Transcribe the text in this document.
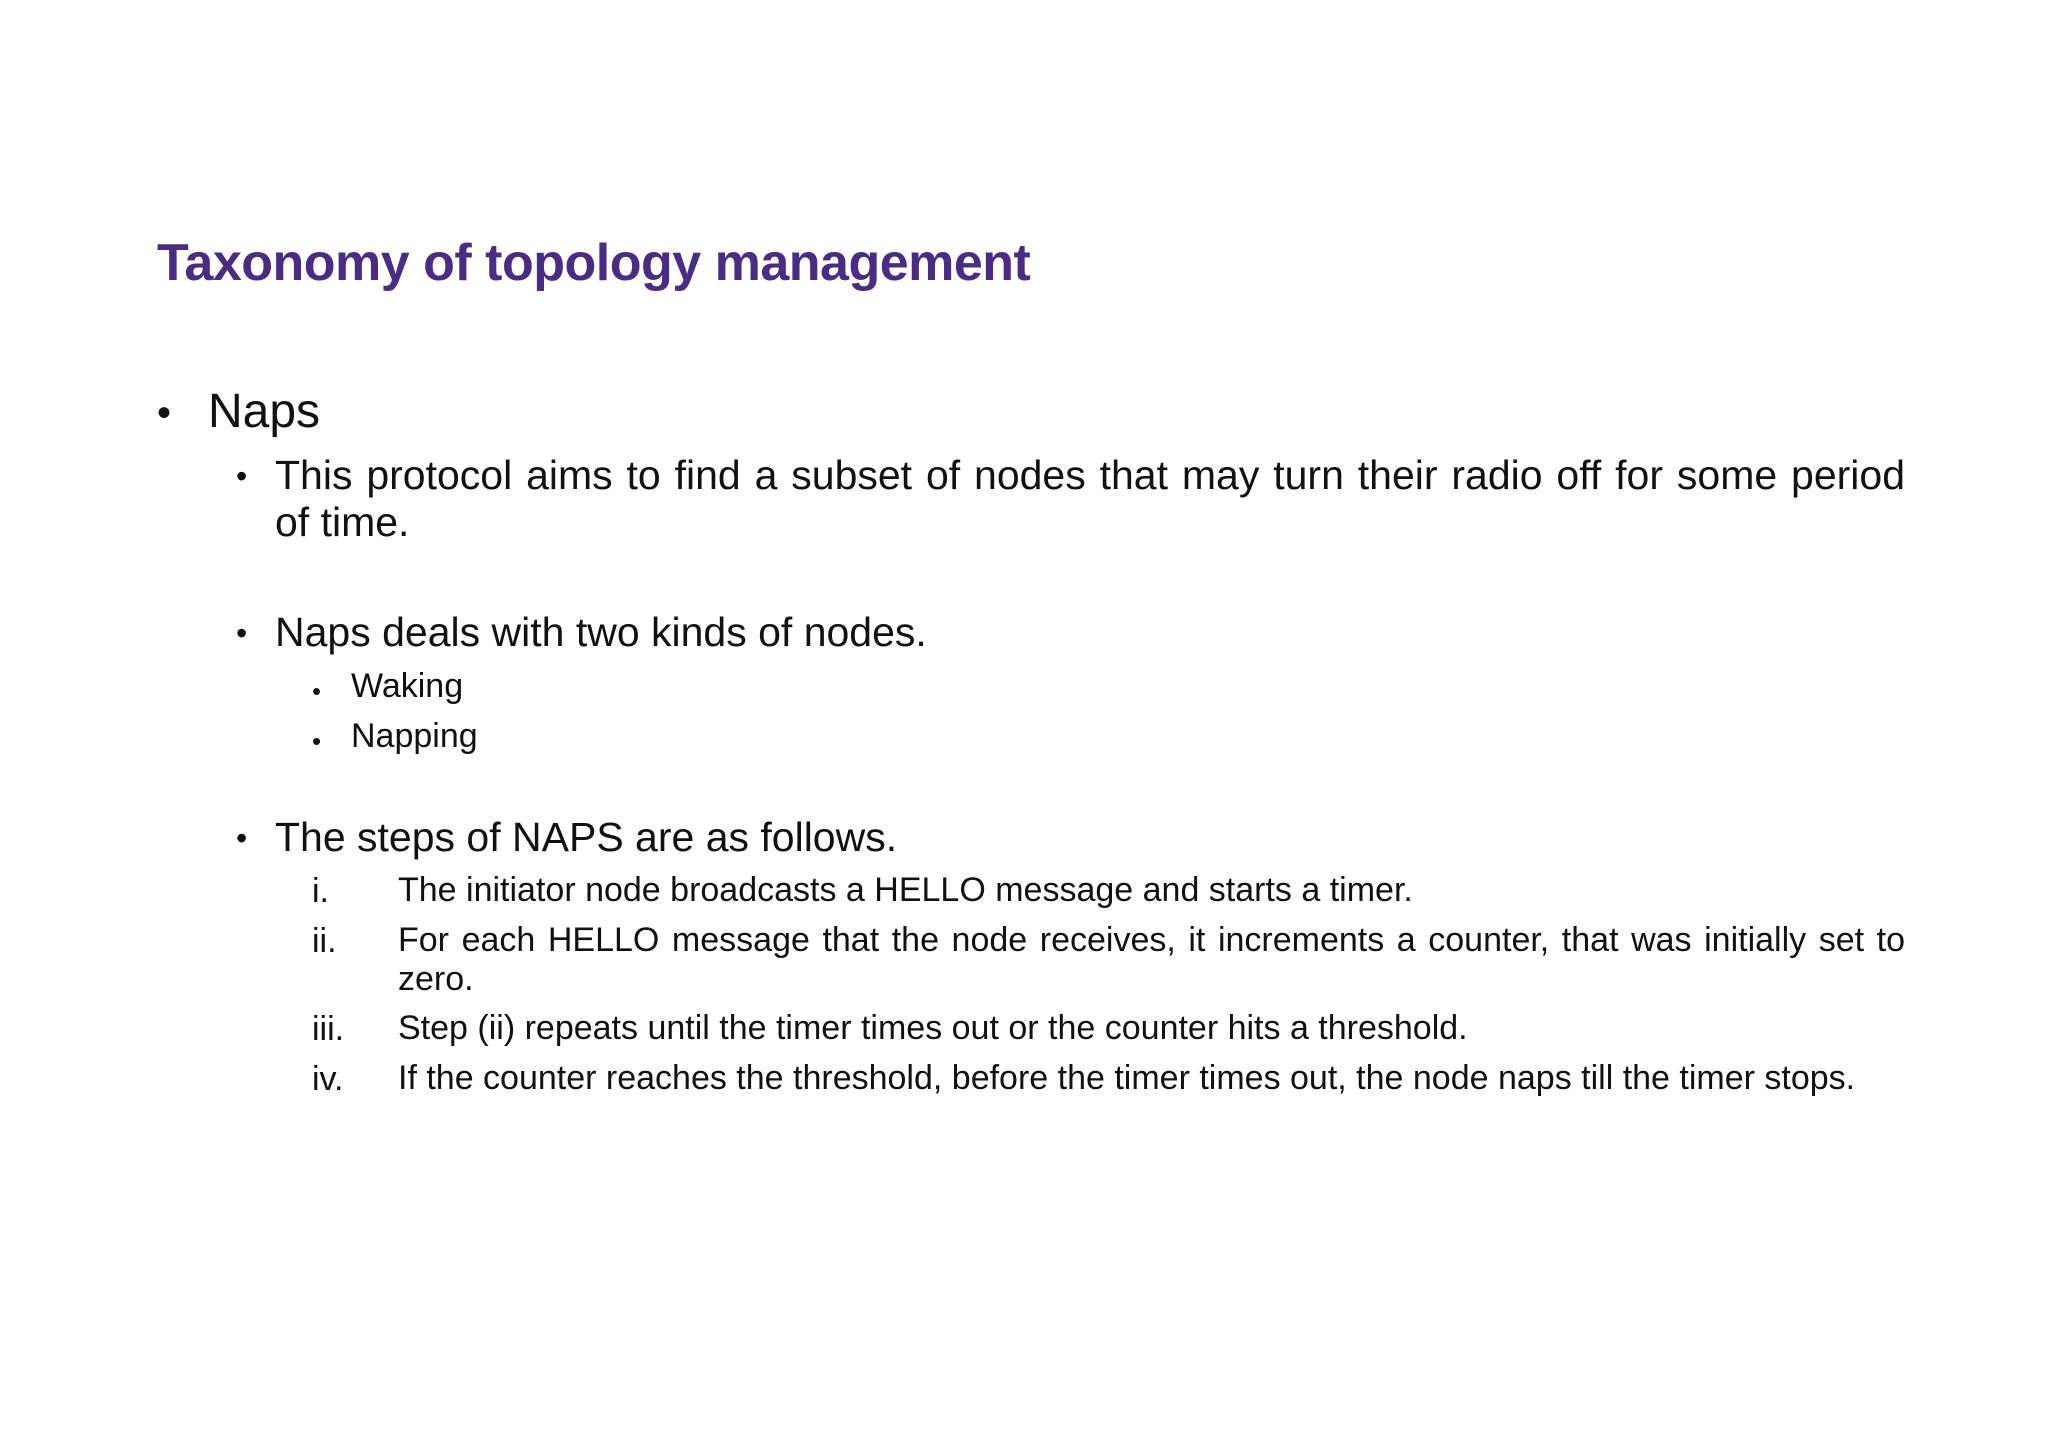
Taxonomy of topology management
• Naps
• This protocol aims to find a subset of nodes that may turn their radio off for some period of time.
• Naps deals with two kinds of nodes.
• Waking
• Napping
• The steps of NAPS are as follows.
i. The initiator node broadcasts a HELLO message and starts a timer.
ii. For each HELLO message that the node receives, it increments a counter, that was initially set to zero.
iii. Step (ii) repeats until the timer times out or the counter hits a threshold.
iv. If the counter reaches the threshold, before the timer times out, the node naps till the timer stops.
